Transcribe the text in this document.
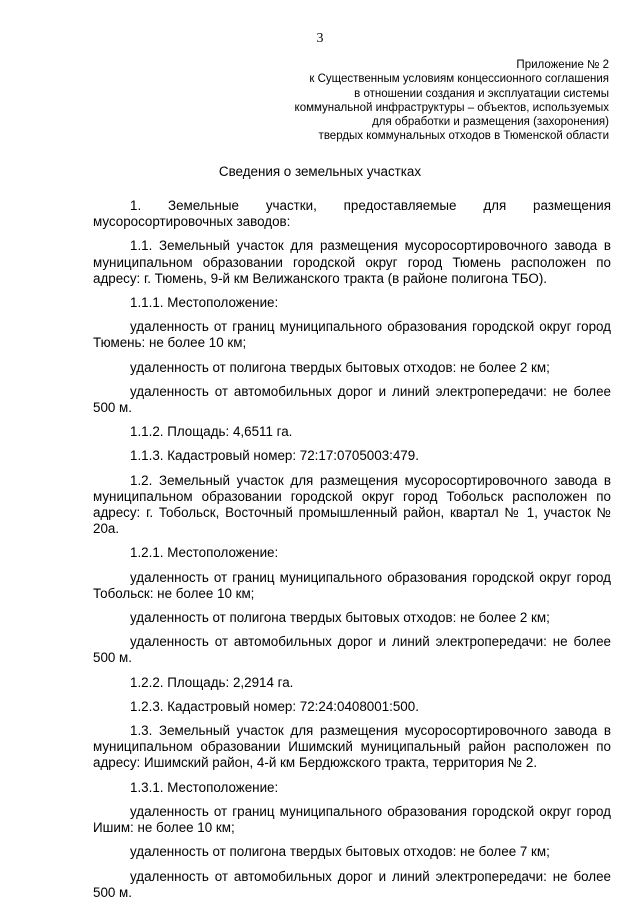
3
Приложение № 2
к Существенным условиям концессионного соглашения
в отношении создания и эксплуатации системы
коммунальной инфраструктуры – объектов, используемых
для обработки и размещения (захоронения)
твердых коммунальных отходов в Тюменской области
Сведения о земельных участках

1. Земельные участки, предоставляемые для размещения мусоросортировочных заводов:

1.1. Земельный участок для размещения мусоросортировочного завода в муниципальном образовании городской округ город Тюмень расположен по адресу: г. Тюмень, 9-й км Велижанского тракта (в районе полигона ТБО).

1.1.1. Местоположение:

удаленность от границ муниципального образования городской округ город Тюмень: не более 10 км;

удаленность от полигона твердых бытовых отходов: не более 2 км;

удаленность от автомобильных дорог и линий электропередачи: не более 500 м.

1.1.2. Площадь: 4,6511 га.

1.1.3. Кадастровый номер: 72:17:0705003:479.

1.2. Земельный участок для размещения мусоросортировочного завода в муниципальном образовании городской округ город Тобольск расположен по адресу: г. Тобольск, Восточный промышленный район, квартал № 1, участок № 20а.

1.2.1. Местоположение:

удаленность от границ муниципального образования городской округ город Тобольск: не более 10 км;

удаленность от полигона твердых бытовых отходов: не более 2 км;

удаленность от автомобильных дорог и линий электропередачи: не более 500 м.

1.2.2. Площадь: 2,2914 га.

1.2.3. Кадастровый номер: 72:24:0408001:500.

1.3. Земельный участок для размещения мусоросортировочного завода в муниципальном образовании Ишимский муниципальный район расположен по адресу: Ишимский район, 4-й км Бердюжского тракта, территория № 2.

1.3.1. Местоположение:

удаленность от границ муниципального образования городской округ город Ишим: не более 10 км;

удаленность от полигона твердых бытовых отходов: не более 7 км;

удаленность от автомобильных дорог и линий электропередачи: не более 500 м.
